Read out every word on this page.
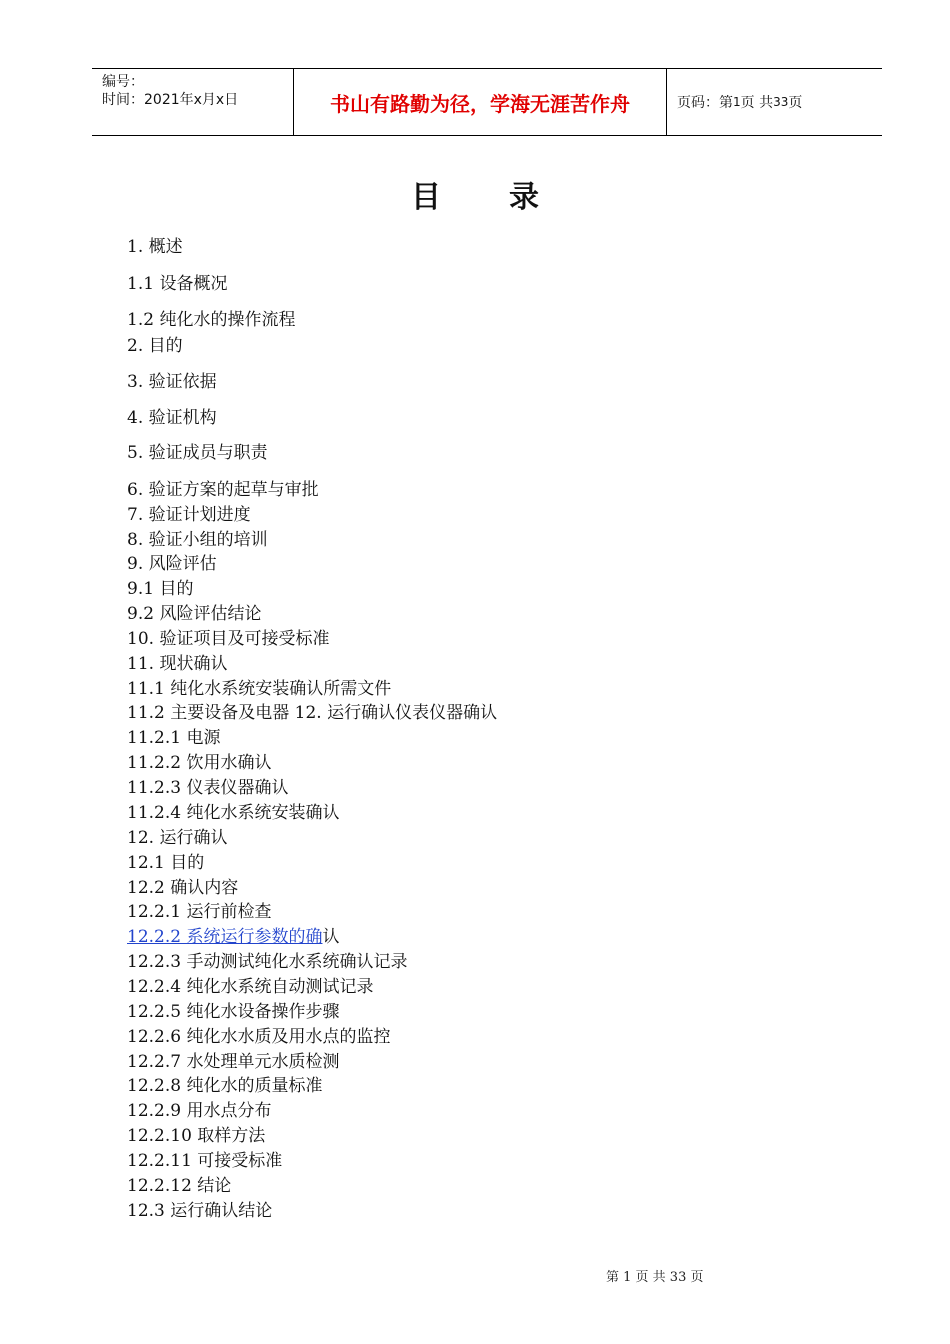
编号：
时间：2021年x月x日	书山有路勤为径，学海无涯苦作舟	页码：第 1 页 共 33 页
目 录
1. 概述
1.1 设备概况
1.2 纯化水的操作流程
2. 目的
3. 验证依据
4. 验证机构
5. 验证成员与职责
6. 验证方案的起草与审批
7. 验证计划进度
8. 验证小组的培训
9. 风险评估
9.1 目的
9.2 风险评估结论
10. 验证项目及可接受标准
11. 现状确认
11.1 纯化水系统安装确认所需文件
11.2 主要设备及电器 12. 运行确认仪表仪器确认
11.2.1 电源
11.2.2 饮用水确认
11.2.3 仪表仪器确认
11.2.4 纯化水系统安装确认
12. 运行确认
12.1 目的
12.2 确认内容
12.2.1 运行前检查
12.2.2 系统运行参数的确认
12.2.3 手动测试纯化水系统确认记录
12.2.4 纯化水系统自动测试记录
12.2.5 纯化水设备操作步骤
12.2.6 纯化水水质及用水点的监控
12.2.7 水处理单元水质检测
12.2.8 纯化水的质量标准
12.2.9 用水点分布
12.2.10 取样方法
12.2.11 可接受标准
12.2.12 结论
12.3 运行确认结论
第 1 页 共 33 页
